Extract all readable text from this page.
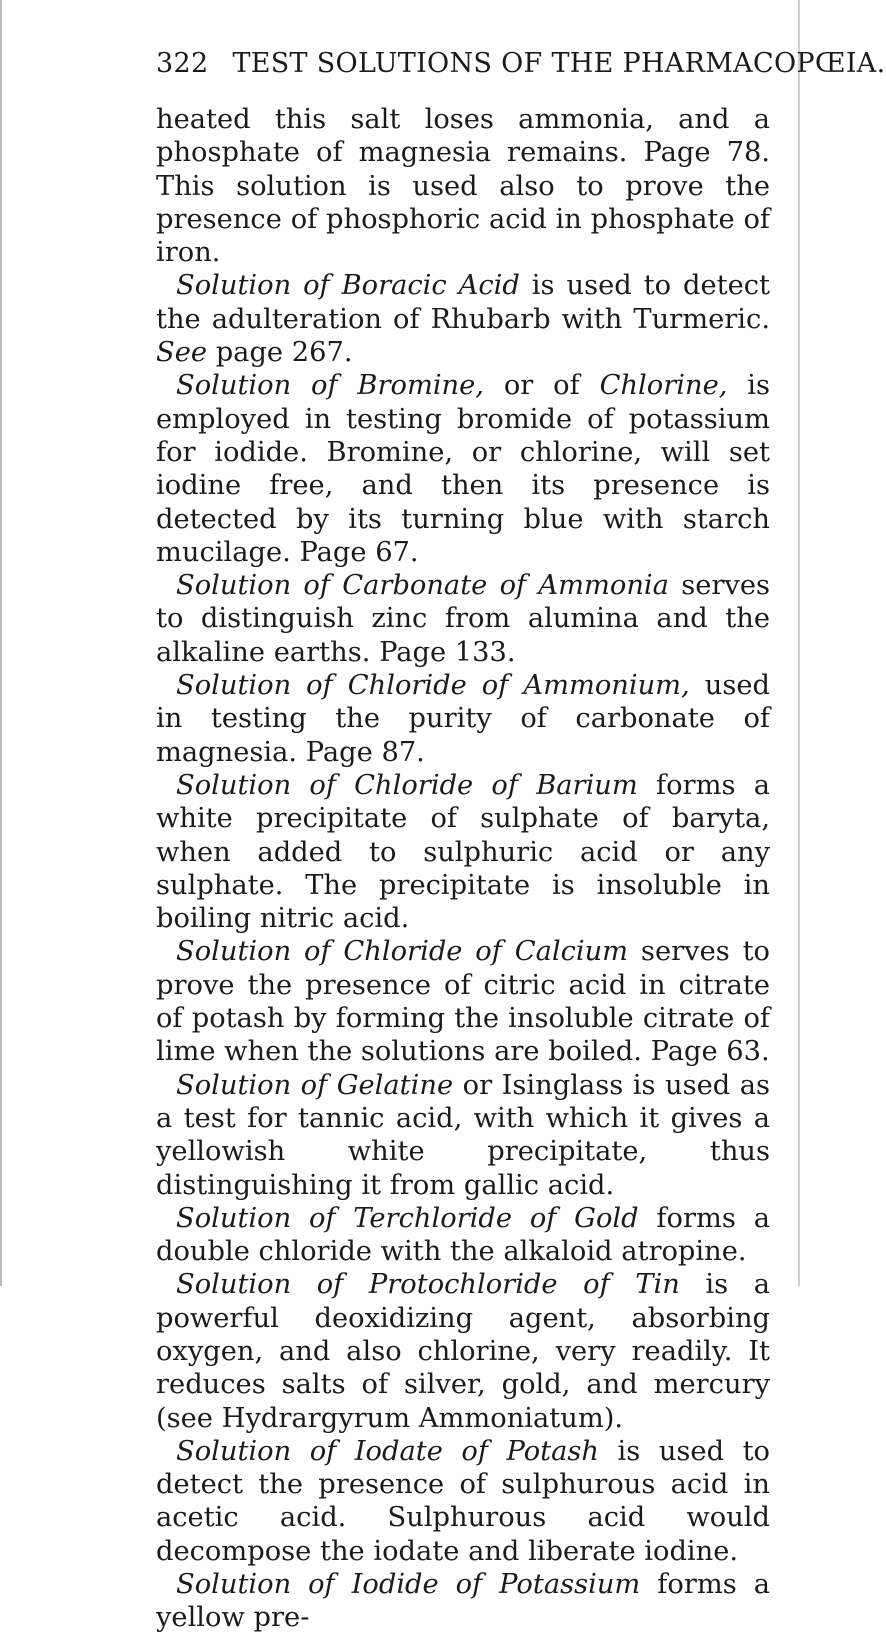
322 TEST SOLUTIONS OF THE PHARMACOPŒIA.

heated this salt loses ammonia, and a phosphate of magnesia remains. Page 78. This solution is used also to prove the presence of phosphoric acid in phosphate of iron.

Solution of Boracic Acid is used to detect the adulteration of Rhubarb with Turmeric. See page 267.

Solution of Bromine, or of Chlorine, is employed in testing bromide of potassium for iodide. Bromine, or chlorine, will set iodine free, and then its presence is detected by its turning blue with starch mucilage. Page 67.

Solution of Carbonate of Ammonia serves to distinguish zinc from alumina and the alkaline earths. Page 133.

Solution of Chloride of Ammonium, used in testing the purity of carbonate of magnesia. Page 87.

Solution of Chloride of Barium forms a white precipitate of sulphate of baryta, when added to sulphuric acid or any sulphate. The precipitate is insoluble in boiling nitric acid.

Solution of Chloride of Calcium serves to prove the presence of citric acid in citrate of potash by forming the insoluble citrate of lime when the solutions are boiled. Page 63.

Solution of Gelatine or Isinglass is used as a test for tannic acid, with which it gives a yellowish white precipitate, thus distinguishing it from gallic acid.

Solution of Terchloride of Gold forms a double chloride with the alkaloid atropine.

Solution of Protochloride of Tin is a powerful deoxidizing agent, absorbing oxygen, and also chlorine, very readily. It reduces salts of silver, gold, and mercury (see Hydrargyrum Ammoniatum).

Solution of Iodate of Potash is used to detect the presence of sulphurous acid in acetic acid. Sulphurous acid would decompose the iodate and liberate iodine.

Solution of Iodide of Potassium forms a yellow pre-
